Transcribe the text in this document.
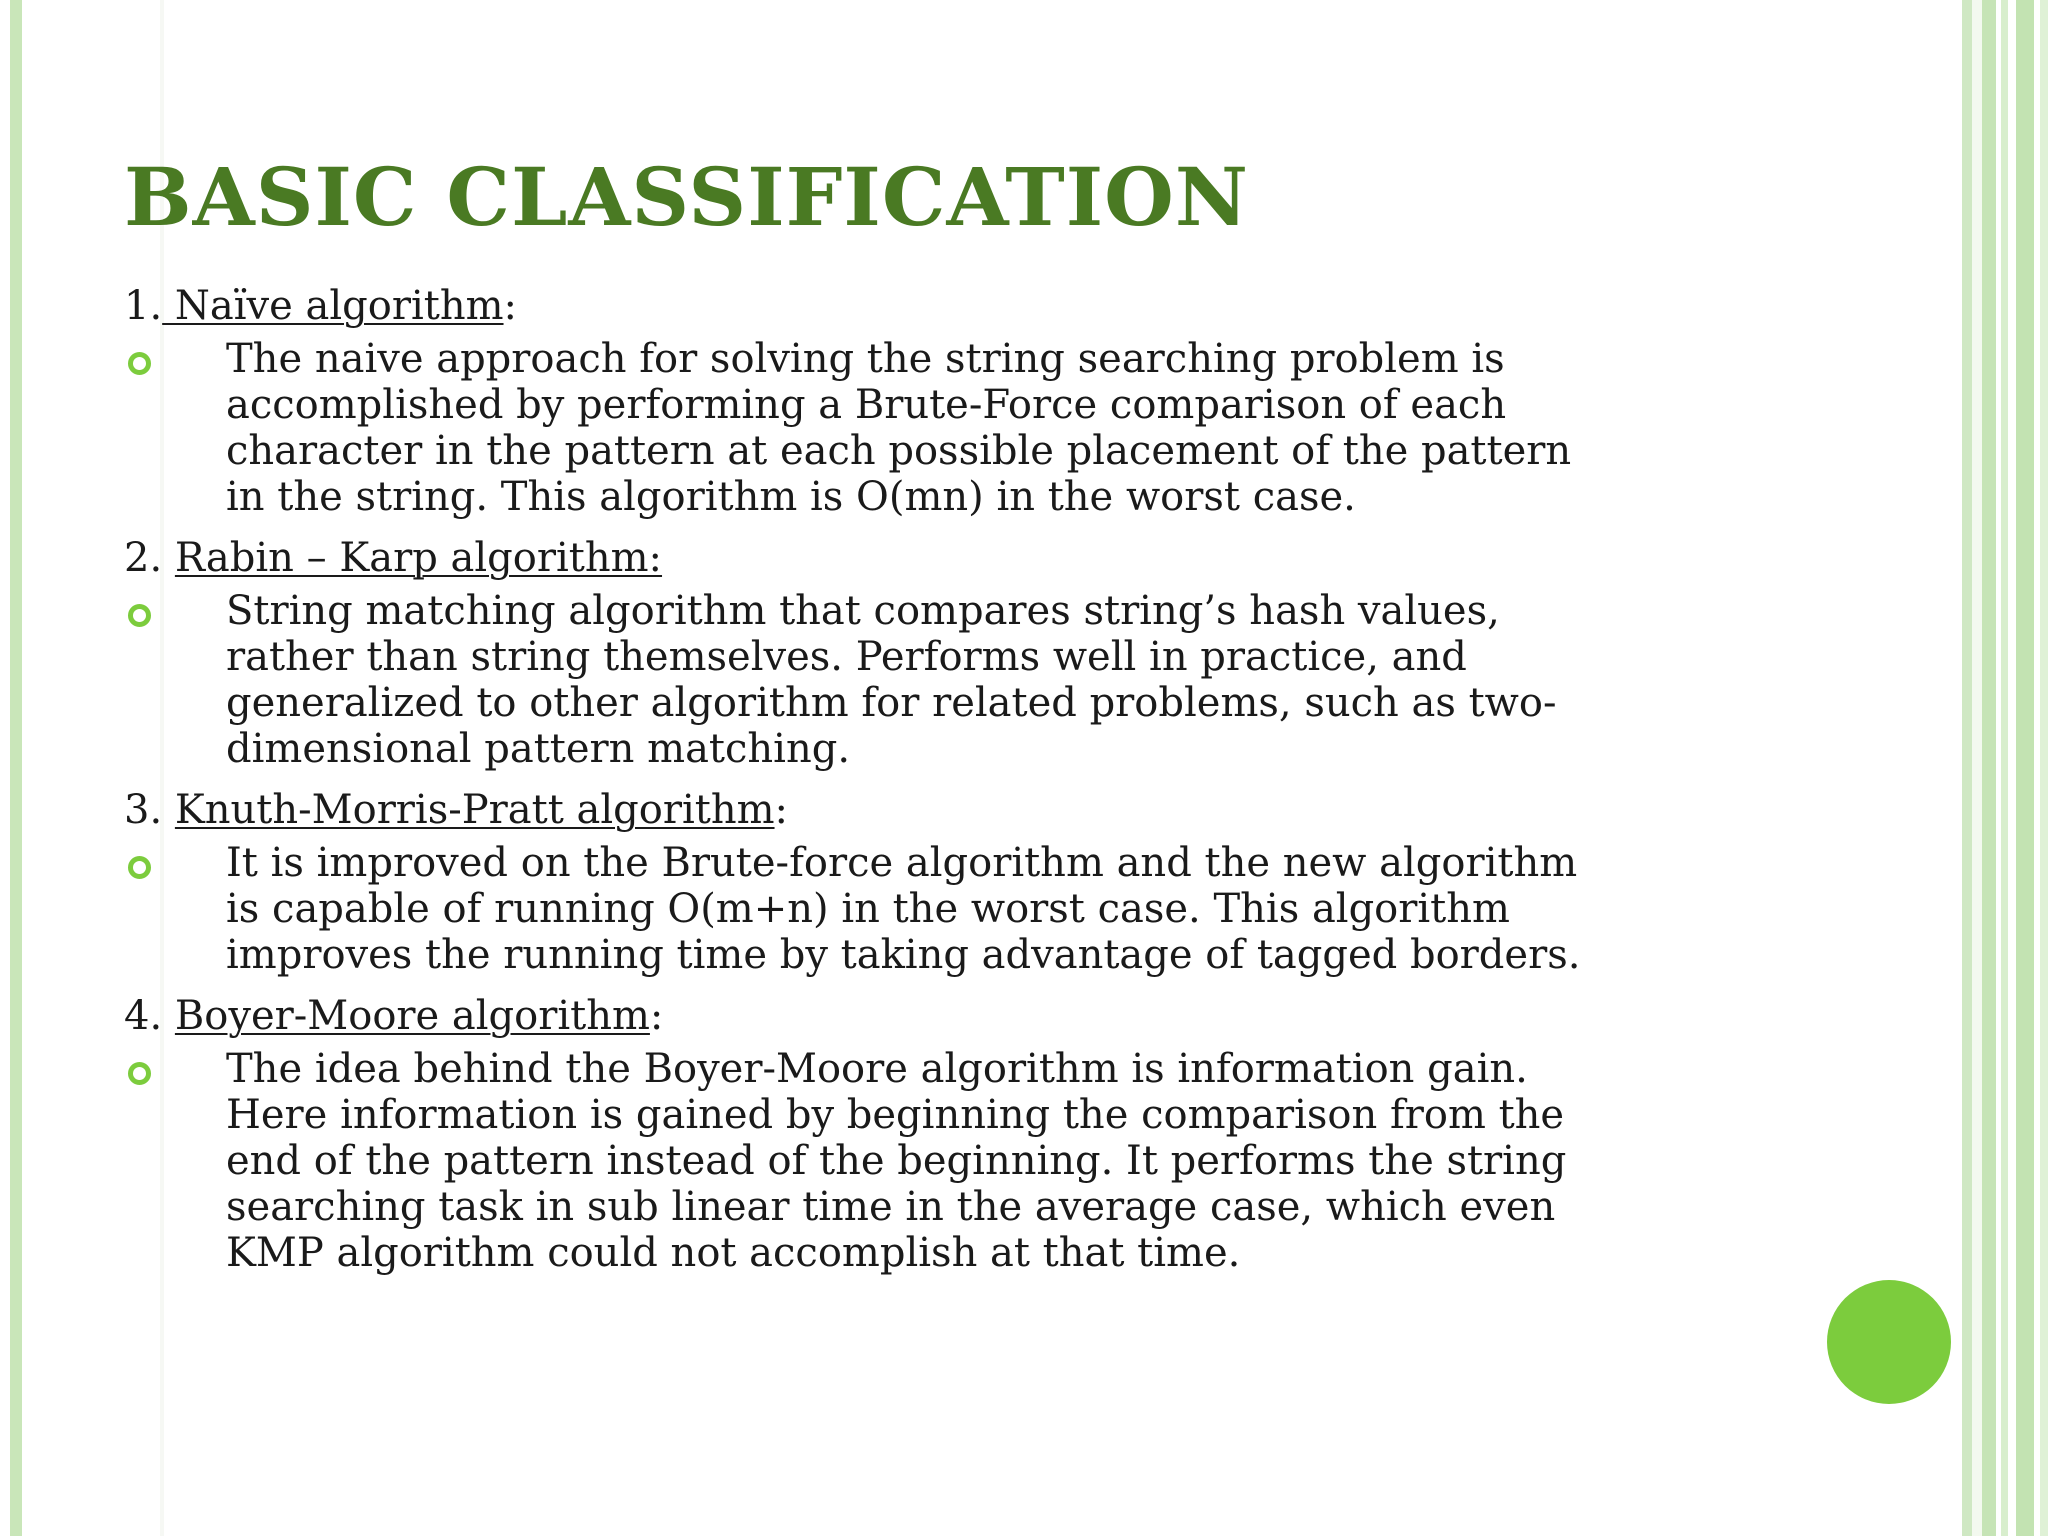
BASIC CLASSIFICATION
1. Naïve algorithm:
The naive approach for solving the string searching problem is
accomplished by performing a Brute-Force comparison of each
character in the pattern at each possible placement of the pattern
in the string. This algorithm is O(mn) in the worst case.
2. Rabin – Karp algorithm:
String matching algorithm that compares string’s hash values,
rather than string themselves. Performs well in practice, and
generalized to other algorithm for related problems, such as two-
dimensional pattern matching.
3. Knuth-Morris-Pratt algorithm:
It is improved on the Brute-force algorithm and the new algorithm
is capable of running O(m+n) in the worst case. This algorithm
improves the running time by taking advantage of tagged borders.
4. Boyer-Moore algorithm:
The idea behind the Boyer-Moore algorithm is information gain.
Here information is gained by beginning the comparison from the
end of the pattern instead of the beginning. It performs the string
searching task in sub linear time in the average case, which even
KMP algorithm could not accomplish at that time.
